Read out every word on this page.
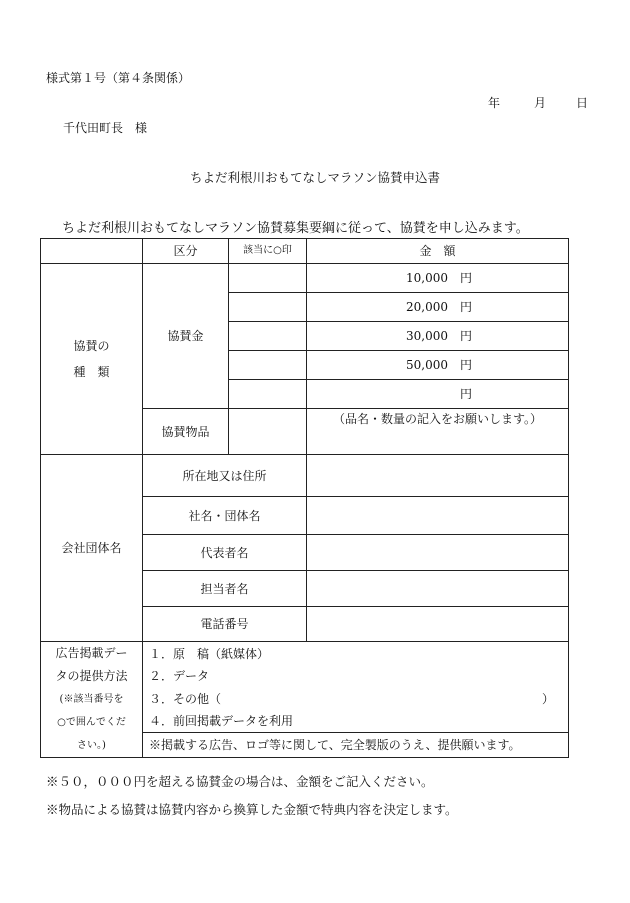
様式第１号（第４条関係）
年	月	日
千代田町長　様
ちよだ利根川おもてなしマラソン協賛申込書
ちよだ利根川おもてなしマラソン協賛募集要綱に従って、協賛を申し込みます。
	区分	該当に○印	金　額

協賛の
種　類	協賛金		10,000　円
			20,000　円
			30,000　円
			50,000　円
			円
	協賛物品		（品名・数量の記入をお願いします。）
会社団体名	所在地又は住所		
	社名・団体名		
	代表者名		
	担当者名		
	電話番号		

広告掲載デー
タの提供方法
(※該当番号を
○で囲んでくだ
さい。)	１．原　稿（紙媒体）		
	２．データ		
	３．その他（ ）		

	４．前回掲載データを利用		
	※掲載する広告、ロゴ等に関して、完全製版のうえ、提供願います。		
※５０，０００円を超える協賛金の場合は、金額をご記入ください。
※物品による協賛は協賛内容から換算した金額で特典内容を決定します。
